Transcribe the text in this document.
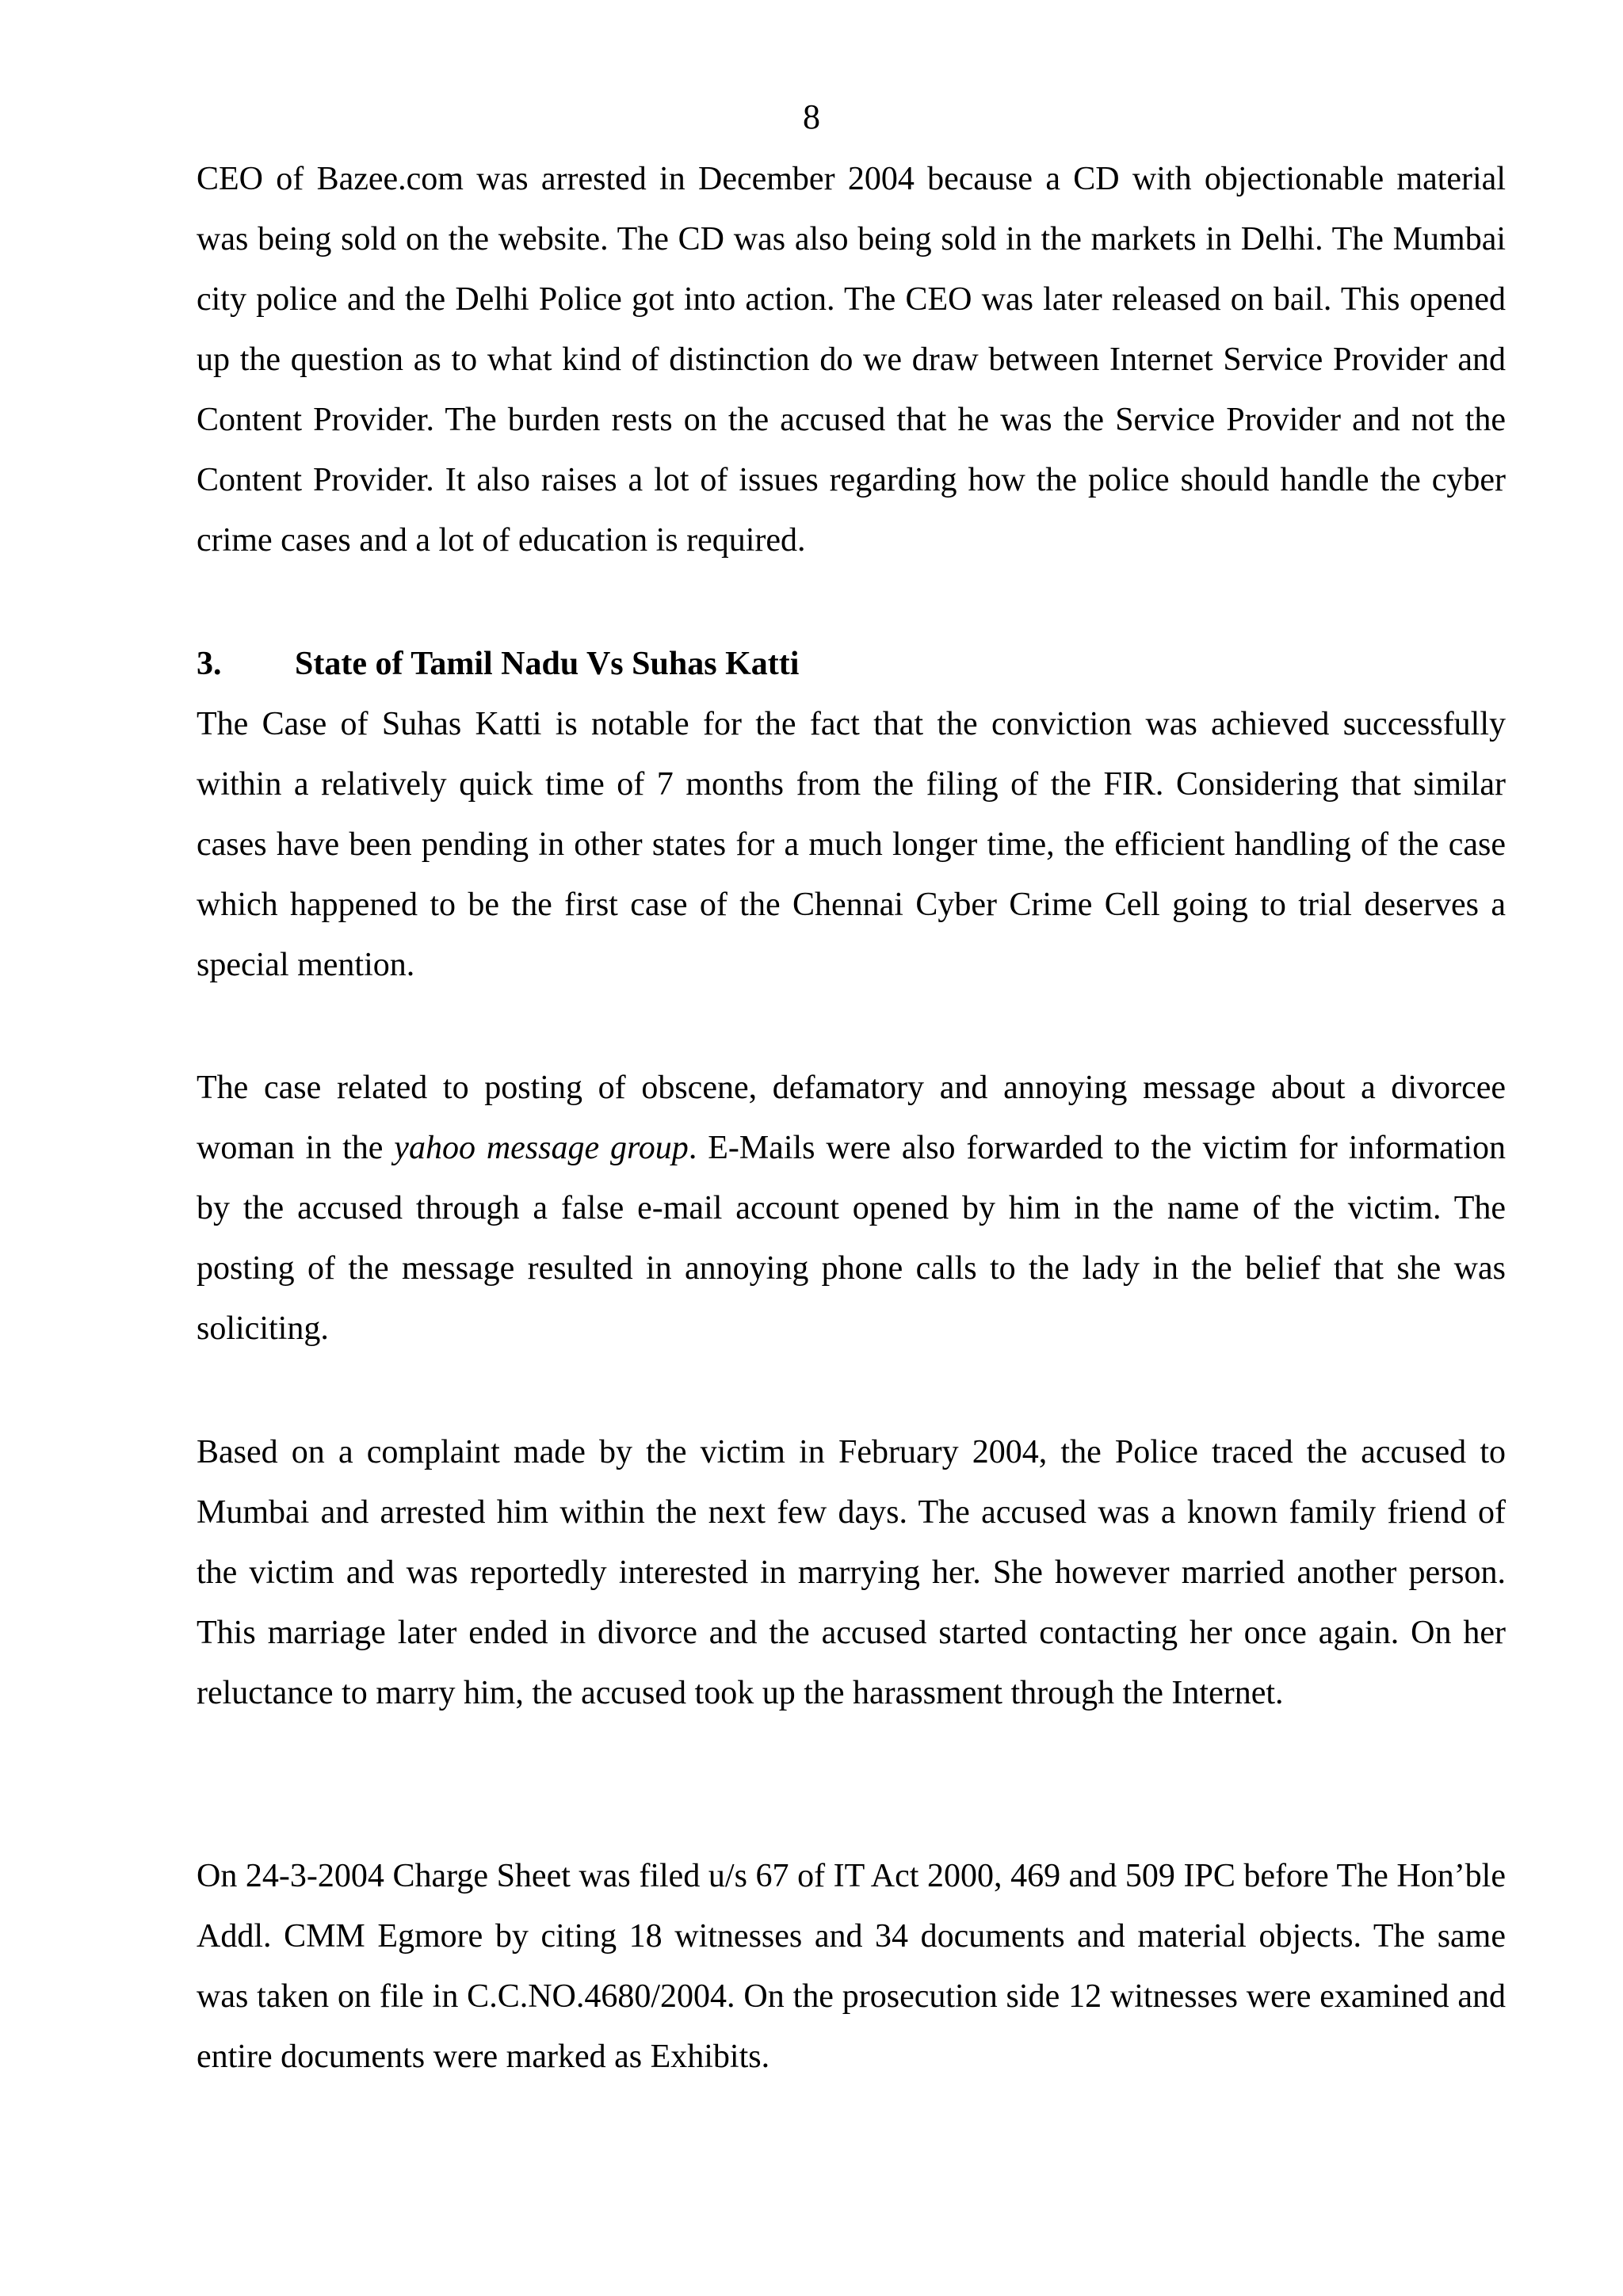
8

CEO of Bazee.com was arrested in December 2004 because a CD with objectionable material was being sold on the website. The CD was also being sold in the markets in Delhi. The Mumbai city police and the Delhi Police got into action. The CEO was later released on bail. This opened up the question as to what kind of distinction do we draw between Internet Service Provider and Content Provider. The burden rests on the accused that he was the Service Provider and not the Content Provider. It also raises a lot of issues regarding how the police should handle the cyber crime cases and a lot of education is required.

3. State of Tamil Nadu Vs Suhas Katti

The Case of Suhas Katti is notable for the fact that the conviction was achieved successfully within a relatively quick time of 7 months from the filing of the FIR. Considering that similar cases have been pending in other states for a much longer time, the efficient handling of the case which happened to be the first case of the Chennai Cyber Crime Cell going to trial deserves a special mention.

The case related to posting of obscene, defamatory and annoying message about a divorcee woman in the yahoo message group. E-Mails were also forwarded to the victim for information by the accused through a false e-mail account opened by him in the name of the victim. The posting of the message resulted in annoying phone calls to the lady in the belief that she was soliciting.

Based on a complaint made by the victim in February 2004, the Police traced the accused to Mumbai and arrested him within the next few days. The accused was a known family friend of the victim and was reportedly interested in marrying her. She however married another person. This marriage later ended in divorce and the accused started contacting her once again. On her reluctance to marry him, the accused took up the harassment through the Internet.

On 24-3-2004 Charge Sheet was filed u/s 67 of IT Act 2000, 469 and 509 IPC before The Hon’ble Addl. CMM Egmore by citing 18 witnesses and 34 documents and material objects. The same was taken on file in C.C.NO.4680/2004. On the prosecution side 12 witnesses were examined and entire documents were marked as Exhibits.
